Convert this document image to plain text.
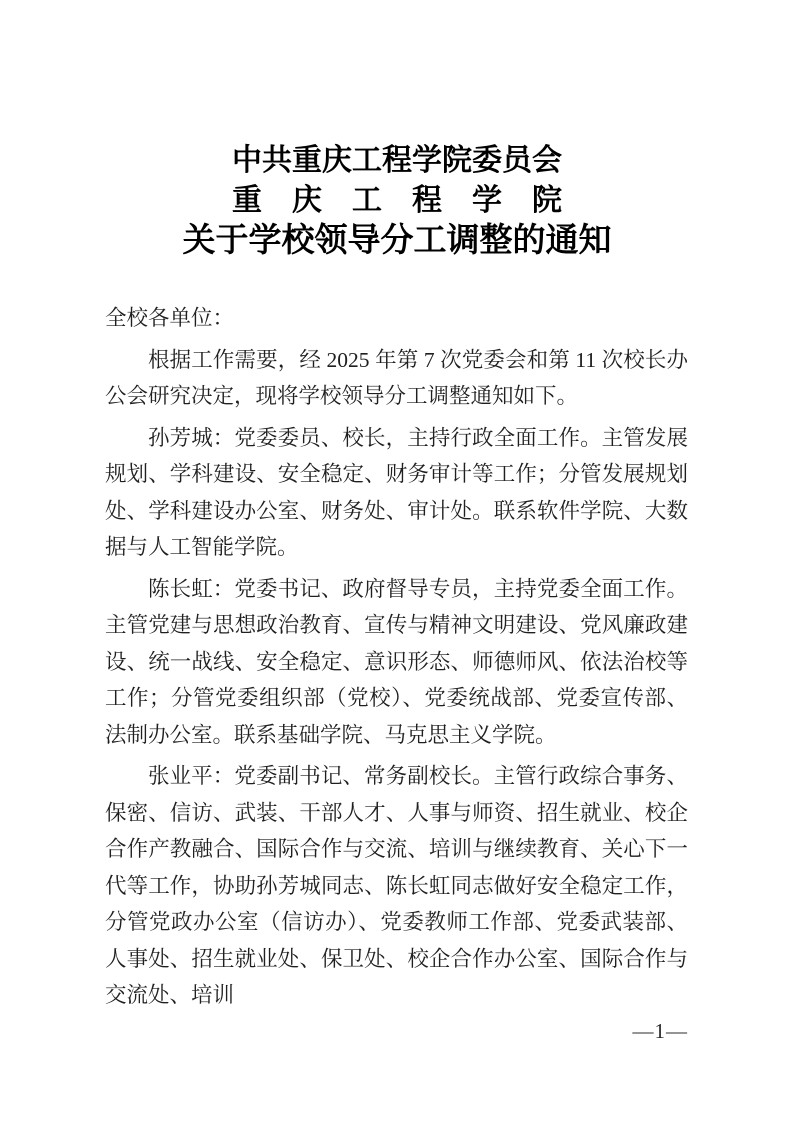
中共重庆工程学院委员会
重庆工程学院
关于学校领导分工调整的通知

全校各单位：

根据工作需要，经 2025 年第 7 次党委会和第 11 次校长办公会研究决定，现将学校领导分工调整通知如下。

孙芳城：党委委员、校长，主持行政全面工作。主管发展规划、学科建设、安全稳定、财务审计等工作；分管发展规划处、学科建设办公室、财务处、审计处。联系软件学院、大数据与人工智能学院。

陈长虹：党委书记、政府督导专员，主持党委全面工作。主管党建与思想政治教育、宣传与精神文明建设、党风廉政建设、统一战线、安全稳定、意识形态、师德师风、依法治校等工作；分管党委组织部（党校）、党委统战部、党委宣传部、法制办公室。联系基础学院、马克思主义学院。

张业平：党委副书记、常务副校长。主管行政综合事务、保密、信访、武装、干部人才、人事与师资、招生就业、校企合作产教融合、国际合作与交流、培训与继续教育、关心下一代等工作，协助孙芳城同志、陈长虹同志做好安全稳定工作，分管党政办公室（信访办）、党委教师工作部、党委武装部、人事处、招生就业处、保卫处、校企合作办公室、国际合作与交流处、培训

—1—
